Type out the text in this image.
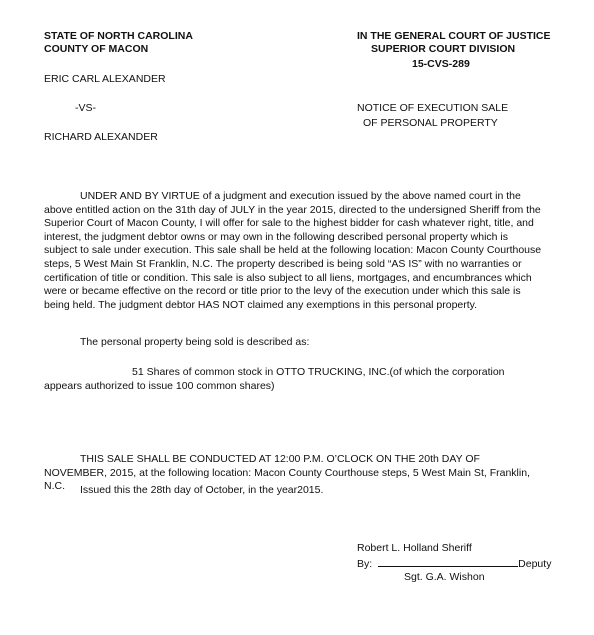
STATE OF NORTH CAROLINA
COUNTY OF MACON
IN THE GENERAL COURT OF JUSTICE
SUPERIOR COURT DIVISION
15-CVS-289
ERIC CARL ALEXANDER
-VS-	NOTICE OF EXECUTION SALE
OF PERSONAL PROPERTY
RICHARD ALEXANDER
UNDER AND BY VIRTUE of a judgment and execution issued by the above named court in the above entitled action on the 31th day of JULY in the year 2015, directed to the undersigned Sheriff from the Superior Court of Macon County, I will offer for sale to the highest bidder for cash whatever right, title, and interest, the judgment debtor owns or may own in the following described personal property which is subject to sale under execution. This sale shall be held at the following location: Macon County Courthouse steps, 5 West Main St Franklin, N.C. The property described is being sold “AS IS” with no warranties or certification of title or condition. This sale is also subject to all liens, mortgages, and encumbrances which were or became effective on the record or title prior to the levy of the execution under which this sale is being held. The judgment debtor HAS NOT claimed any exemptions in this personal property.
The personal property being sold is described as:
51 Shares of common stock in OTTO TRUCKING, INC.(of which the corporation appears authorized to issue 100 common shares)
THIS SALE SHALL BE CONDUCTED AT 12:00 P.M. O’CLOCK ON THE 20th DAY OF NOVEMBER, 2015, at the following location: Macon County Courthouse steps, 5 West Main St, Franklin, N.C.	Issued this the 28th day of October, in the year2015.
Robert L. Holland Sheriff
By:	Deputy
Sgt. G.A. Wishon
